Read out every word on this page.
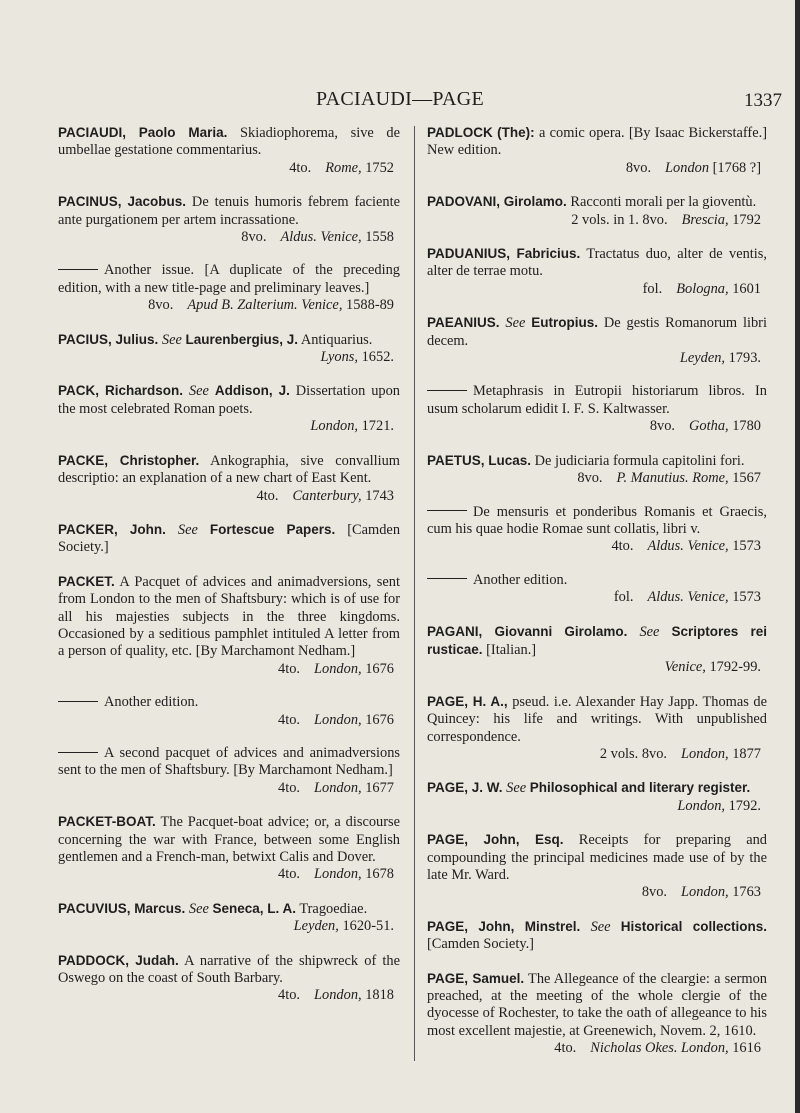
PACIAUDI—PAGE	1337
PACIAUDI, Paolo Maria. Skiadiophorema, sive de umbellae gestatione commentarius.
4to. Rome, 1752
PACINUS, Jacobus. De tenuis humoris febrem faciente ante purgationem per artem incrassatione.
8vo. Aldus. Venice, 1558
Another issue. [A duplicate of the preceding edition, with a new title-page and preliminary leaves.]
8vo. Apud B. Zalterium. Venice, 1588-89
PACIUS, Julius. See Laurenbergius, J. Antiquarius.
Lyons, 1652.
PACK, Richardson. See Addison, J. Dissertation upon the most celebrated Roman poets.
London, 1721.
PACKE, Christopher. Ankographia, sive convallium descriptio: an explanation of a new chart of East Kent.
4to. Canterbury, 1743
PACKER, John. See Fortescue Papers. [Camden Society.]
PACKET. A Pacquet of advices and animadversions, sent from London to the men of Shaftsbury: which is of use for all his majesties subjects in the three kingdoms. Occasioned by a seditious pamphlet intituled A letter from a person of quality, etc. [By Marchamont Nedham.]
4to. London, 1676
Another edition.
4to. London, 1676
A second pacquet of advices and animadversions sent to the men of Shaftsbury. [By Marchamont Nedham.]
4to. London, 1677
PACKET-BOAT. The Pacquet-boat advice; or, a discourse concerning the war with France, between some English gentlemen and a French-man, betwixt Calis and Dover.
4to. London, 1678
PACUVIUS, Marcus. See Seneca, L. A. Tragoediae.
Leyden, 1620-51.
PADDOCK, Judah. A narrative of the shipwreck of the Oswego on the coast of South Barbary.
4to. London, 1818
PADLOCK (The): a comic opera. [By Isaac Bickerstaffe.] New edition.
8vo. London [1768 ?]
PADOVANI, Girolamo. Racconti morali per la gioventù.
2 vols. in 1. 8vo. Brescia, 1792
PADUANIUS, Fabricius. Tractatus duo, alter de ventis, alter de terrae motu.
fol. Bologna, 1601
PAEANIUS. See Eutropius. De gestis Romanorum libri decem.
Leyden, 1793.
Metaphrasis in Eutropii historiarum libros. In usum scholarum edidit I. F. S. Kaltwasser.
8vo. Gotha, 1780
PAETUS, Lucas. De judiciaria formula capitolini fori.
8vo. P. Manutius. Rome, 1567
De mensuris et ponderibus Romanis et Graecis, cum his quae hodie Romae sunt collatis, libri v.
4to. Aldus. Venice, 1573
Another edition.
fol. Aldus. Venice, 1573
PAGANI, Giovanni Girolamo. See Scriptores rei rusticae. [Italian.]
Venice, 1792-99.
PAGE, H. A., pseud. i.e. Alexander Hay Japp. Thomas de Quincey: his life and writings. With unpublished correspondence.
2 vols. 8vo. London, 1877
PAGE, J. W. See Philosophical and literary register.
London, 1792.
PAGE, John, Esq. Receipts for preparing and compounding the principal medicines made use of by the late Mr. Ward.
8vo. London, 1763
PAGE, John, Minstrel. See Historical collections. [Camden Society.]
PAGE, Samuel. The Allegeance of the cleargie: a sermon preached, at the meeting of the whole clergie of the dyocesse of Rochester, to take the oath of allegeance to his most excellent majestie, at Greenewich, Novem. 2, 1610.
4to. Nicholas Okes. London, 1616
